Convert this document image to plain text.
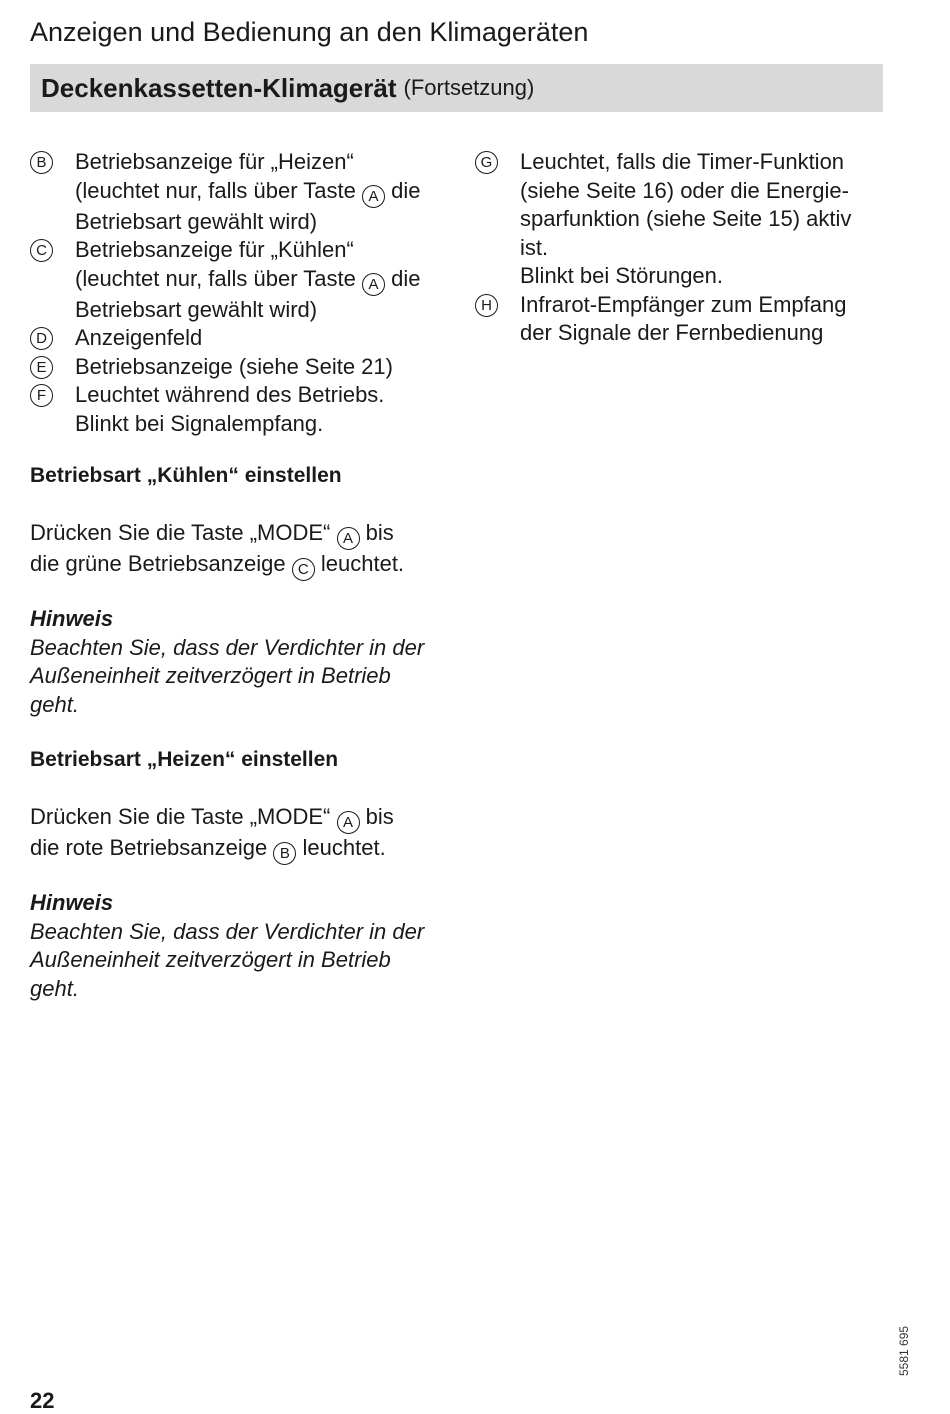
Anzeigen und Bedienung an den Klimageräten
Deckenkassetten-Klimagerät (Fortsetzung)
B Betriebsanzeige für „Heizen“
(leuchtet nur, falls über Taste A die
Betriebsart gewählt wird)
C Betriebsanzeige für „Kühlen“
(leuchtet nur, falls über Taste A die
Betriebsart gewählt wird)
D Anzeigenfeld
E Betriebsanzeige (siehe Seite 21)
F	Leuchtet während des Betriebs.
Blinkt bei Signalempfang.
G Leuchtet, falls die Timer-Funktion
(siehe Seite 16) oder die Energie-
sparfunktion (siehe Seite 15) aktiv
ist.
Blinkt bei Störungen.
H Infrarot-Empfänger zum Empfang
der Signale der Fernbedienung
Betriebsart „Kühlen“ einstellen
Drücken Sie die Taste „MODE“ A bis
die grüne Betriebsanzeige C leuchtet.
Hinweis
Beachten Sie, dass der Verdichter in der
Außeneinheit zeitverzögert in Betrieb
geht.
Betriebsart „Heizen“ einstellen
Drücken Sie die Taste „MODE“ A bis
die rote Betriebsanzeige B leuchtet.
Hinweis
Beachten Sie, dass der Verdichter in der
Außeneinheit zeitverzögert in Betrieb
geht.
22
5581 695
